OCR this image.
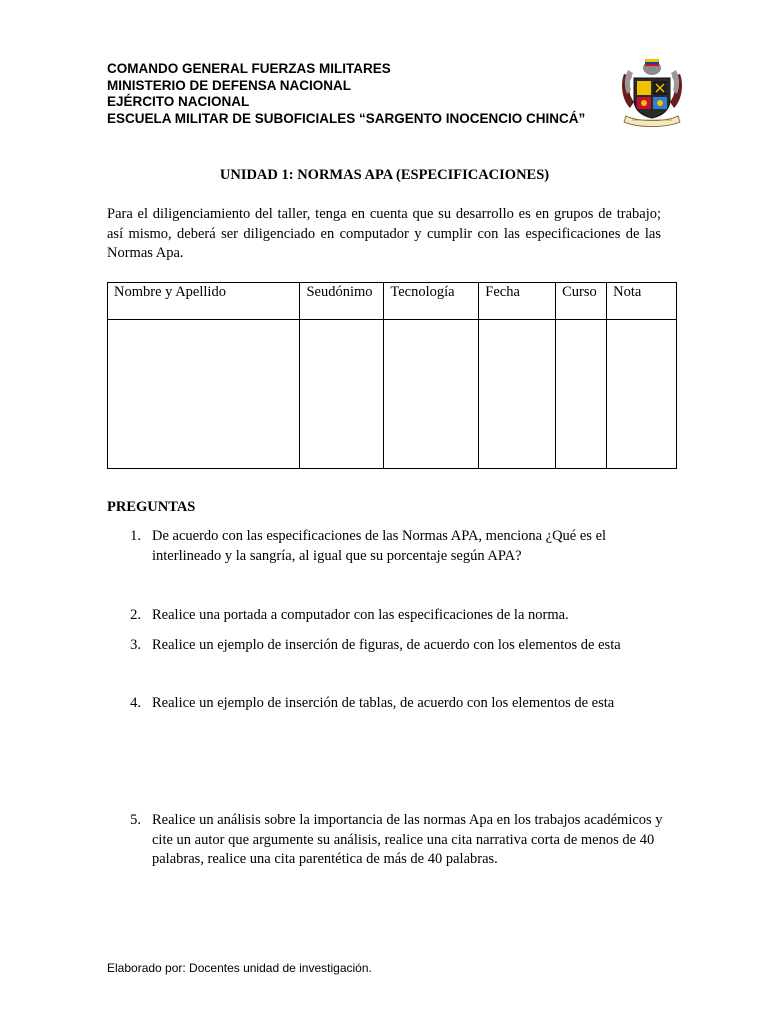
COMANDO GENERAL FUERZAS MILITARES
MINISTERIO DE DEFENSA NACIONAL
EJÉRCITO NACIONAL
ESCUELA MILITAR DE SUBOFICIALES “SARGENTO INOCENCIO CHINCÁ”
UNIDAD 1: NORMAS APA (ESPECIFICACIONES)
Para el diligenciamiento del taller, tenga en cuenta que su desarrollo es en grupos de trabajo; así mismo, deberá ser diligenciado en computador y cumplir con las especificaciones de las Normas Apa.
Nombre y Apellido	Seudónimo	Tecnología	Fecha	Curso	Nota

PREGUNTAS
1. De acuerdo con las especificaciones de las Normas APA, menciona ¿Qué es el interlineado y la sangría, al igual que su porcentaje según APA?
2. Realice una portada a computador con las especificaciones de la norma.
3. Realice un ejemplo de inserción de figuras, de acuerdo con los elementos de esta
4. Realice un ejemplo de inserción de tablas, de acuerdo con los elementos de esta
5. Realice un análisis sobre la importancia de las normas Apa en los trabajos académicos y cite un autor que argumente su análisis, realice una cita narrativa corta de menos de 40 palabras, realice una cita parentética de más de 40 palabras.
Elaborado por: Docentes unidad de investigación.
